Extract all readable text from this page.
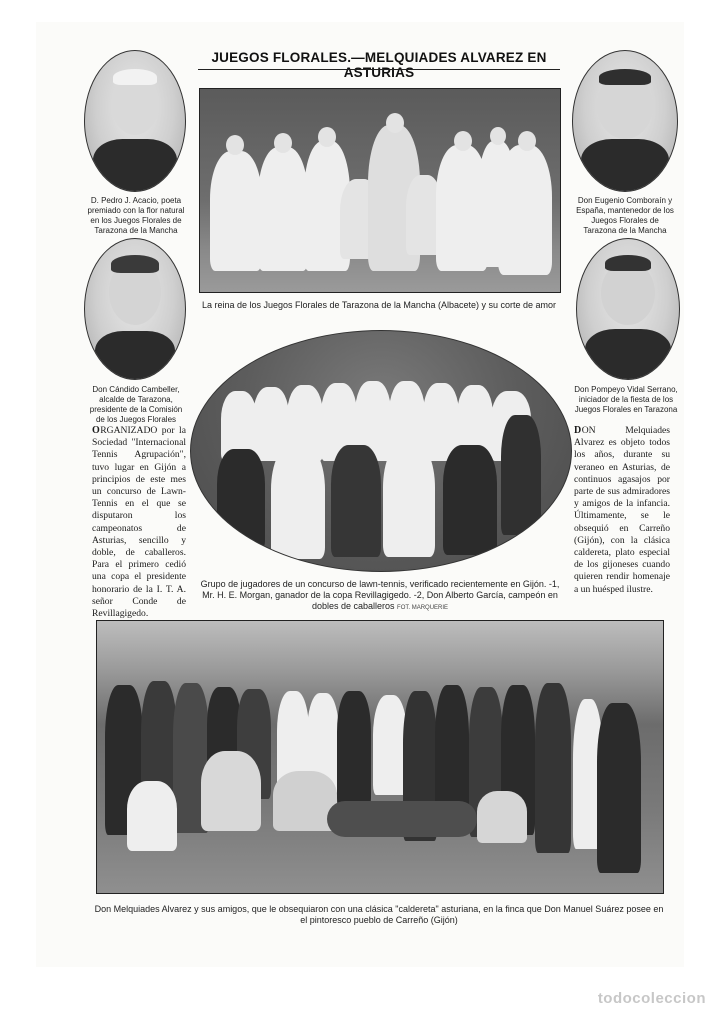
JUEGOS FLORALES.—MELQUIADES ALVAREZ EN ASTURIAS
D. Pedro J. Acacio, poeta premiado con la flor natural en los Juegos Florales de Tarazona de la Mancha
Don Cándido Cambeller, alcalde de Tarazona, presidente de la Comisión de los Juegos Florales
Don Eugenio Comboraín y España, mantenedor de los Juegos Florales de Tarazona de la Mancha
Don Pompeyo Vidal Serrano, iniciador de la fiesta de los Juegos Florales en Tarazona
La reina de los Juegos Florales de Tarazona de la Mancha (Albacete) y su corte de amor
Grupo de jugadores de un concurso de lawn-tennis, verificado recientemente en Gijón. -1, Mr. H. E. Morgan, ganador de la copa Revillagigedo. -2, Don Alberto García, campeón en dobles de caballeros FOT. MARQUERIE
ORGANIZADO por la Sociedad "Internacional Tennis Agrupación", tuvo lugar en Gijón a principios de este mes un concurso de Lawn-Tennis en el que se disputaron los campeonatos de Asturias, sencillo y doble, de caballeros. Para el primero cedió una copa el presidente honorario de la I. T. A. señor Conde de Revillagigedo.
DON Melquiades Alvarez es objeto todos los años, durante su veraneo en Asturias, de continuos agasajos por parte de sus admiradores y amigos de la infancia. Últimamente, se le obsequió en Carreño (Gijón), con la clásica caldereta, plato especial de los gijoneses cuando quieren rendir homenaje a un huésped ilustre.
Don Melquiades Alvarez y sus amigos, que le obsequiaron con una clásica "caldereta" asturiana, en la finca que Don Manuel Suárez posee en el pintoresco pueblo de Carreño (Gijón)
todocoleccion
